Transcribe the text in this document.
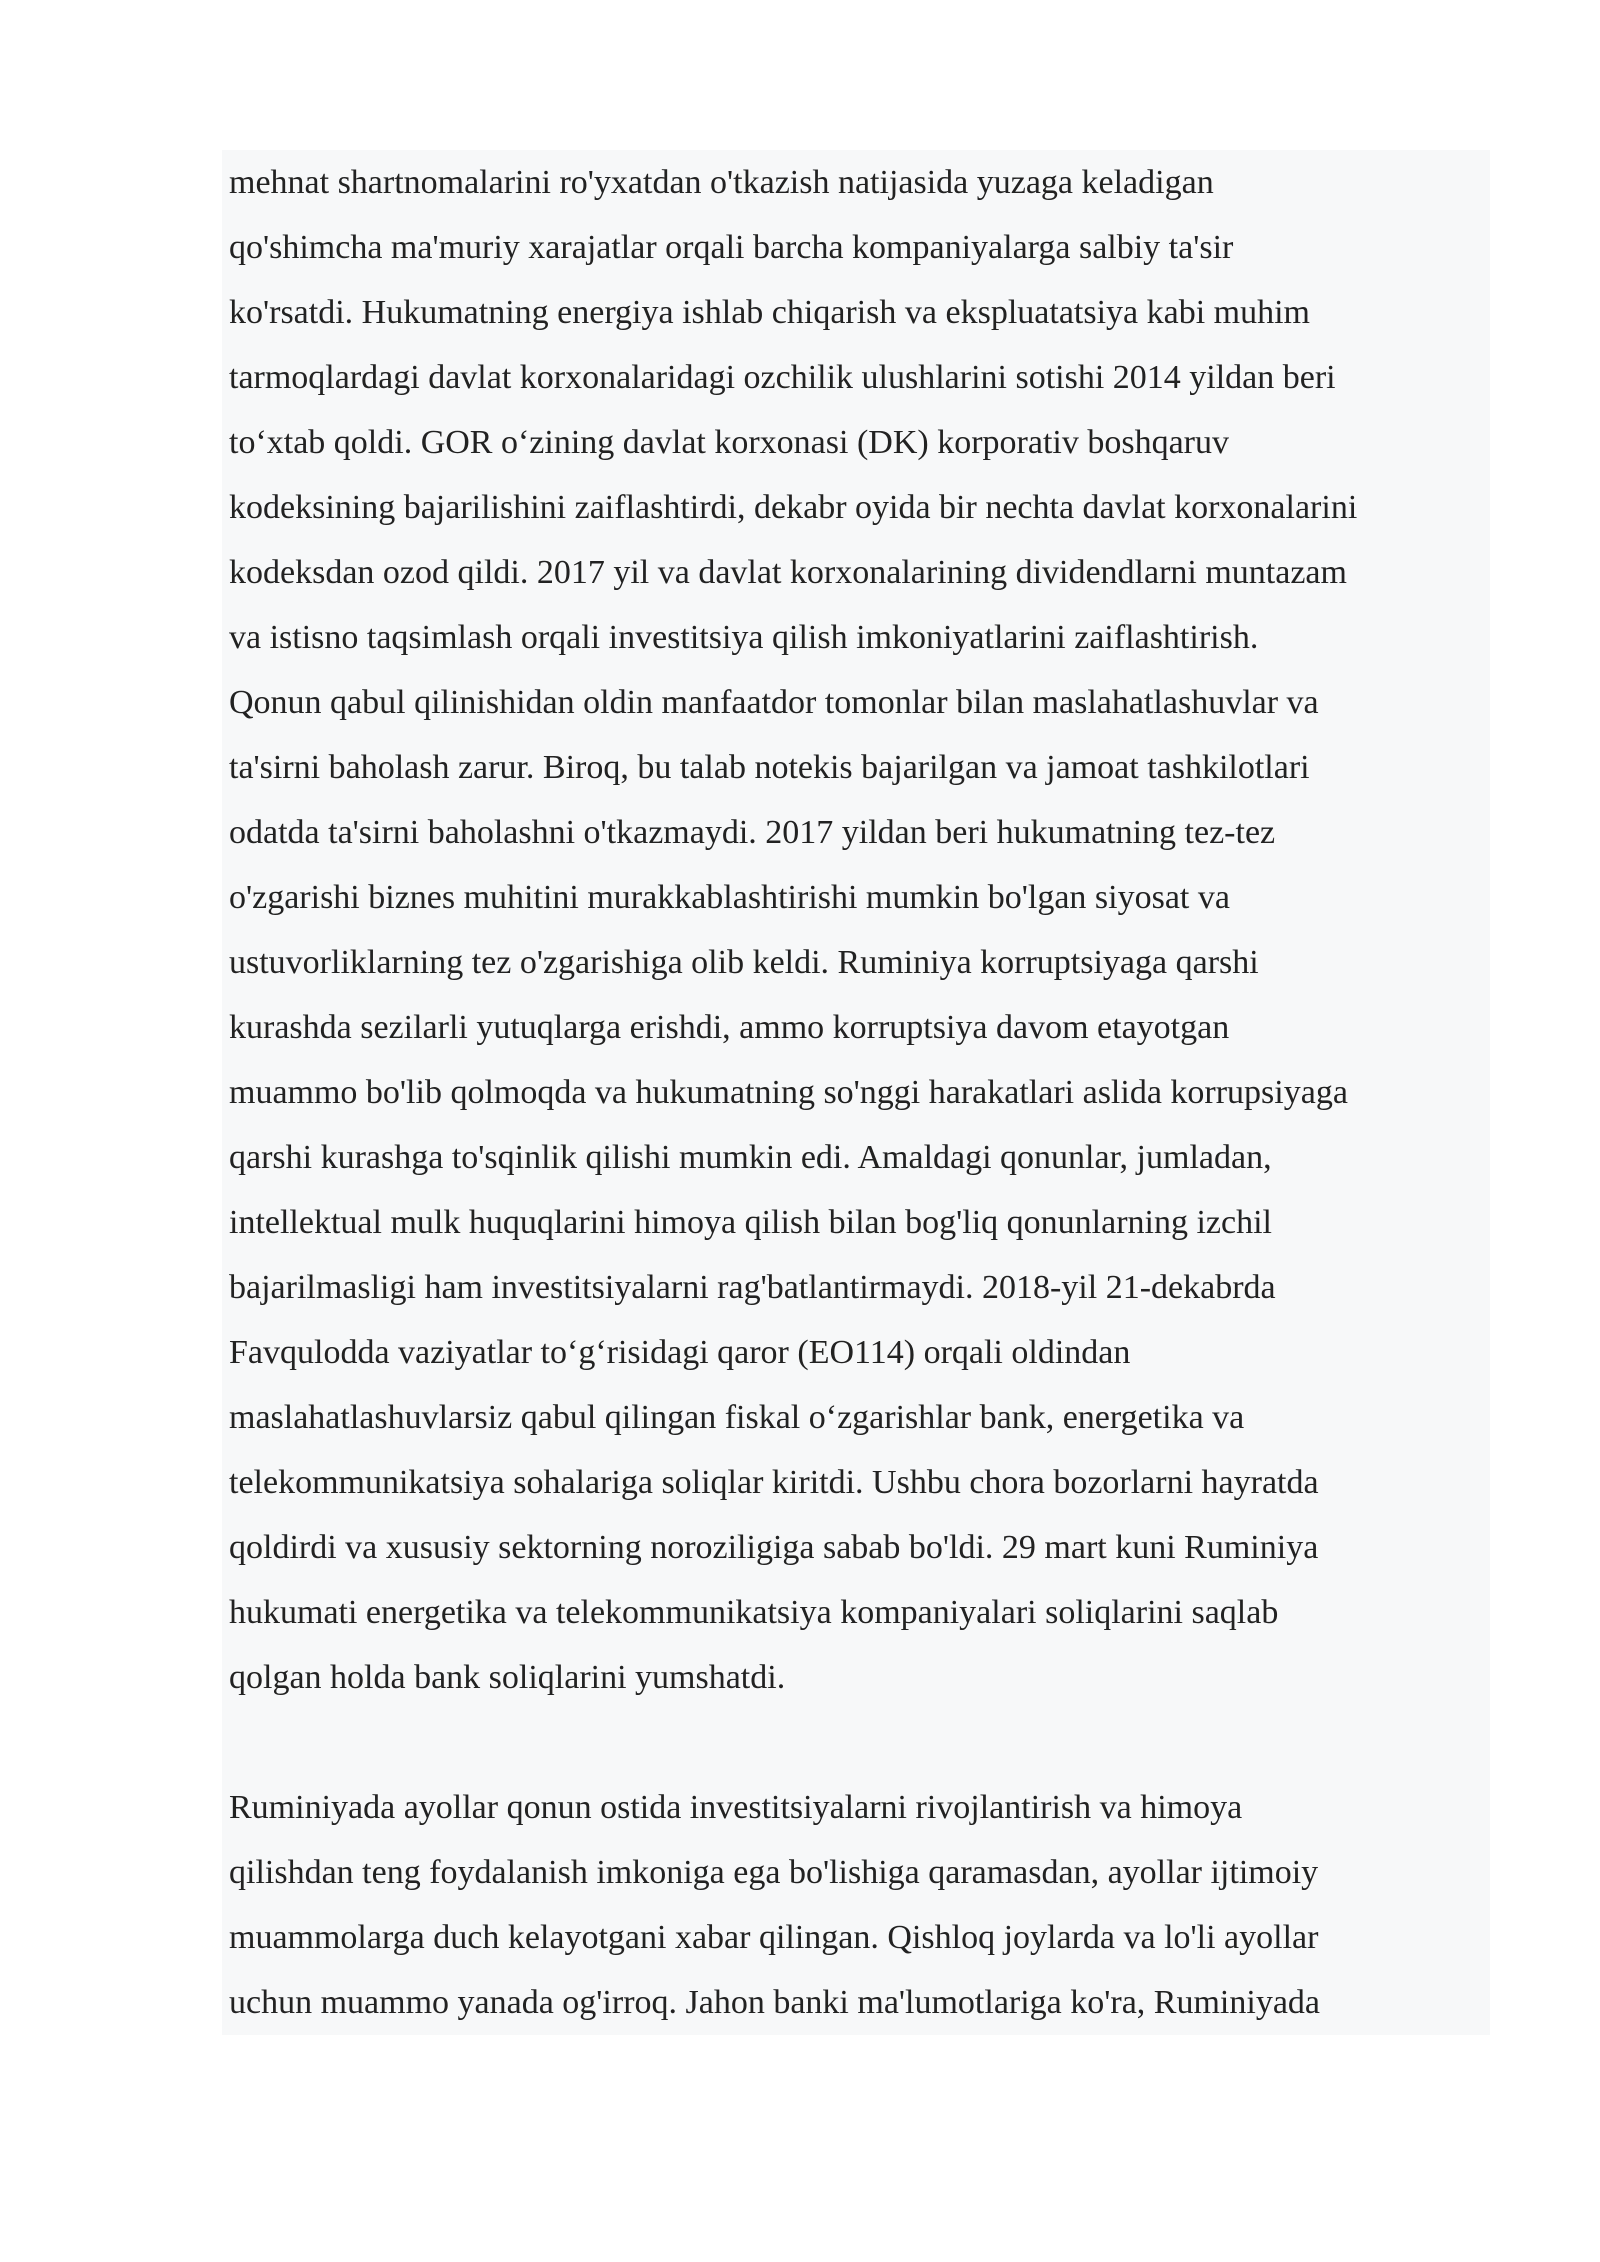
mehnat shartnomalarini ro'yxatdan o'tkazish natijasida yuzaga keladigan
qo'shimcha ma'muriy xarajatlar orqali barcha kompaniyalarga salbiy ta'sir
ko'rsatdi. Hukumatning energiya ishlab chiqarish va ekspluatatsiya kabi muhim
tarmoqlardagi davlat korxonalaridagi ozchilik ulushlarini sotishi 2014 yildan beri
to‘xtab qoldi. GOR o‘zining davlat korxonasi (DK) korporativ boshqaruv
kodeksining bajarilishini zaiflashtirdi, dekabr oyida bir nechta davlat korxonalarini
kodeksdan ozod qildi. 2017 yil va davlat korxonalarining dividendlarni muntazam
va istisno taqsimlash orqali investitsiya qilish imkoniyatlarini zaiflashtirish.
Qonun qabul qilinishidan oldin manfaatdor tomonlar bilan maslahatlashuvlar va
ta'sirni baholash zarur. Biroq, bu talab notekis bajarilgan va jamoat tashkilotlari
odatda ta'sirni baholashni o'tkazmaydi. 2017 yildan beri hukumatning tez-tez
o'zgarishi biznes muhitini murakkablashtirishi mumkin bo'lgan siyosat va
ustuvorliklarning tez o'zgarishiga olib keldi. Ruminiya korruptsiyaga qarshi
kurashda sezilarli yutuqlarga erishdi, ammo korruptsiya davom etayotgan
muammo bo'lib qolmoqda va hukumatning so'nggi harakatlari aslida korrupsiyaga
qarshi kurashga to'sqinlik qilishi mumkin edi. Amaldagi qonunlar, jumladan,
intellektual mulk huquqlarini himoya qilish bilan bog'liq qonunlarning izchil
bajarilmasligi ham investitsiyalarni rag'batlantirmaydi. 2018-yil 21-dekabrda
Favqulodda vaziyatlar to‘g‘risidagi qaror (EO114) orqali oldindan
maslahatlashuvlarsiz qabul qilingan fiskal o‘zgarishlar bank, energetika va
telekommunikatsiya sohalariga soliqlar kiritdi. Ushbu chora bozorlarni hayratda
qoldirdi va xususiy sektorning noroziligiga sabab bo'ldi. 29 mart kuni Ruminiya
hukumati energetika va telekommunikatsiya kompaniyalari soliqlarini saqlab
qolgan holda bank soliqlarini yumshatdi.
Ruminiyada ayollar qonun ostida investitsiyalarni rivojlantirish va himoya
qilishdan teng foydalanish imkoniga ega bo'lishiga qaramasdan, ayollar ijtimoiy
muammolarga duch kelayotgani xabar qilingan. Qishloq joylarda va lo'li ayollar
uchun muammo yanada og'irroq. Jahon banki ma'lumotlariga ko'ra, Ruminiyada
